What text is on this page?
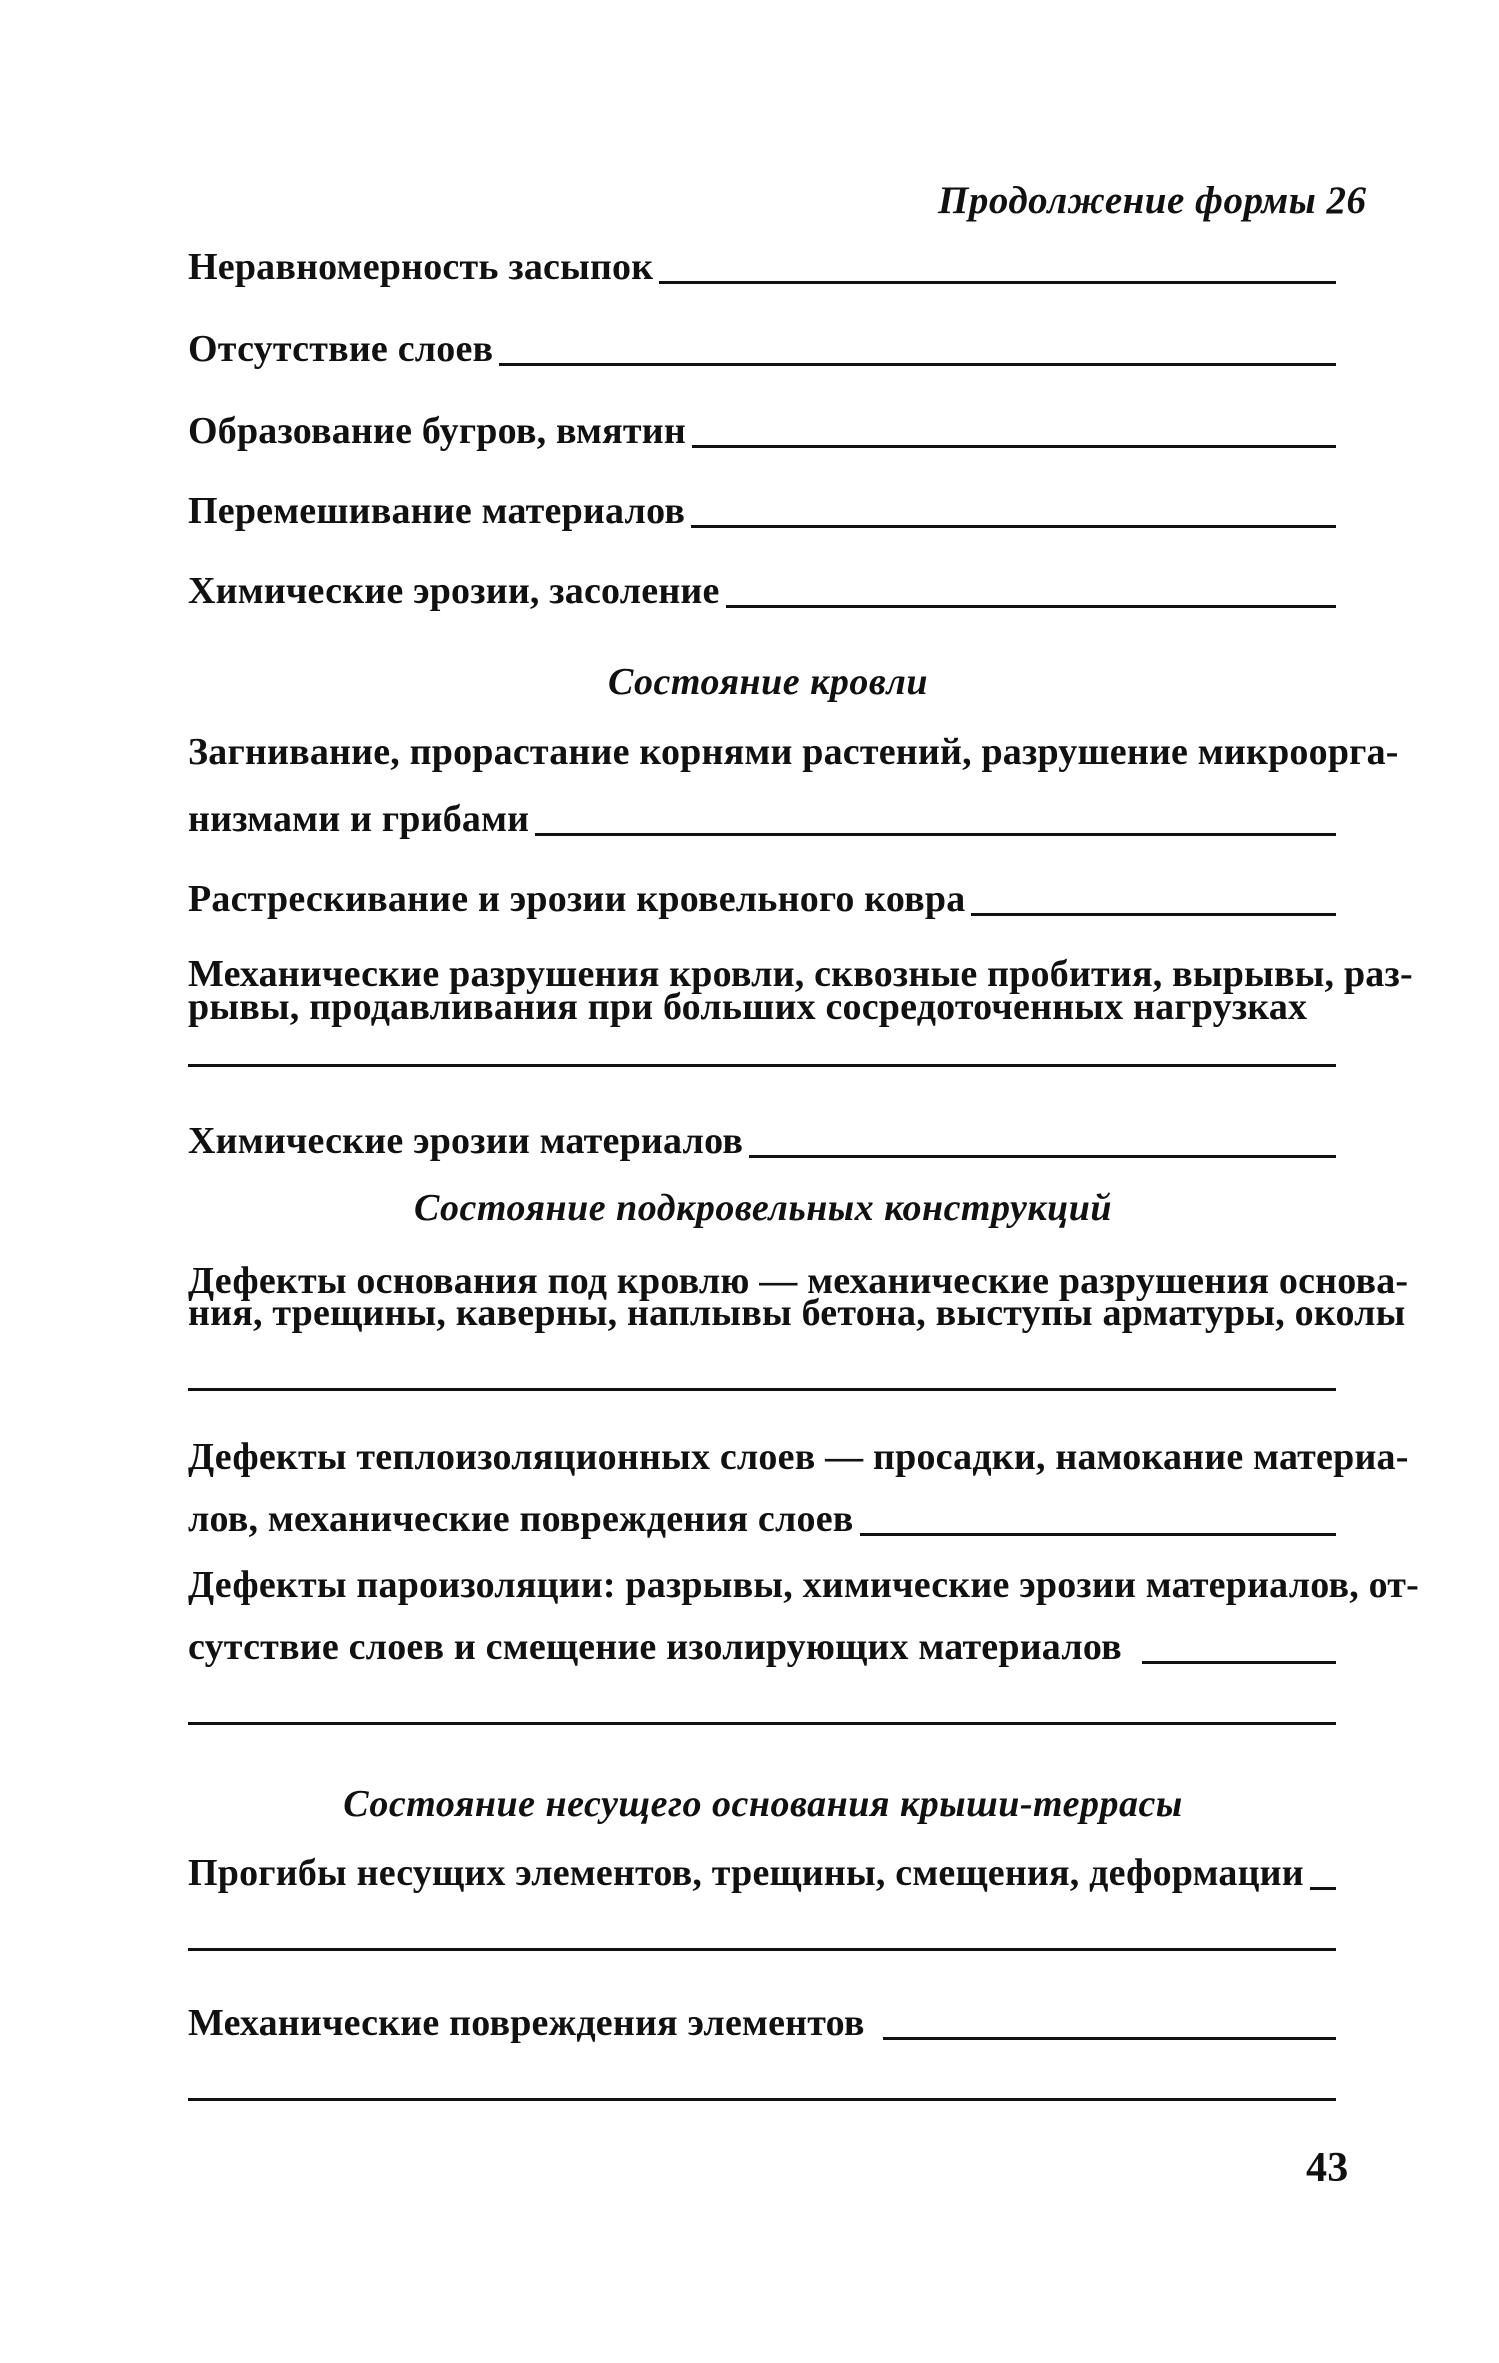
Продолжение формы 26
Неравномерность засыпок
Отсутствие слоев
Образование бугров, вмятин
Перемешивание материалов
Химические эрозии, засоление
Состояние кровли
Загнивание, прорастание корнями растений, разрушение микроорга-
низмами и грибами
Растрескивание и эрозии кровельного ковра
Механические разрушения кровли, сквозные пробития, вырывы, раз-
рывы, продавливания при больших сосредоточенных нагрузках
Химические эрозии материалов
Состояние подкровельных конструкций
Дефекты основания под кровлю — механические разрушения основа-
ния, трещины, каверны, наплывы бетона, выступы арматуры, околы
Дефекты теплоизоляционных слоев — просадки, намокание материа-
лов, механические повреждения слоев
Дефекты пароизоляции: разрывы, химические эрозии материалов, от-
сутствие слоев и смещение изолирующих материалов
Состояние несущего основания крыши-террасы
Прогибы несущих элементов, трещины, смещения, деформации
Механические повреждения элементов
43
